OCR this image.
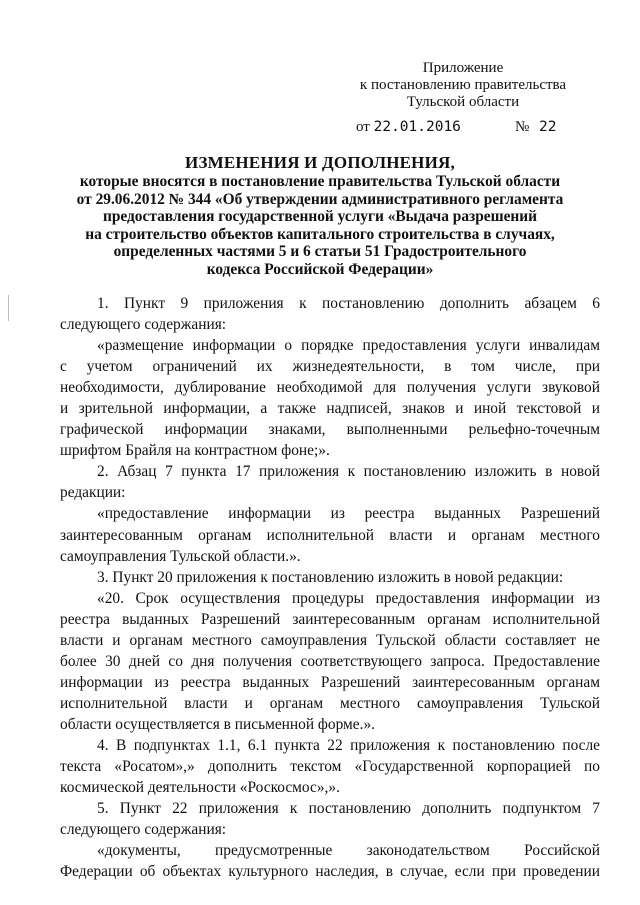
Приложение
к постановлению правительства
Тульской области
от 22.01.2016	№ 22
ИЗМЕНЕНИЯ И ДОПОЛНЕНИЯ,
которые вносятся в постановление правительства Тульской области
от 29.06.2012 № 344 «Об утверждении административного регламента
предоставления государственной услуги «Выдача разрешений
на строительство объектов капитального строительства в случаях,
определенных частями 5 и 6 статьи 51 Градостроительного
кодекса Российской Федерации»

1. Пункт 9 приложения к постановлению дополнить абзацем 6

следующего содержания:

«размещение информации о порядке предоставления услуги инвалидам

с учетом ограничений их жизнедеятельности, в том числе, при

необходимости, дублирование необходимой для получения услуги звуковой

и зрительной информации, а также надписей, знаков и иной текстовой и

графической информации знаками, выполненными рельефно-точечным

шрифтом Брайля на контрастном фоне;».

2. Абзац 7 пункта 17 приложения к постановлению изложить в новой

редакции:

«предоставление информации из реестра выданных Разрешений

заинтересованным органам исполнительной власти и органам местного

самоуправления Тульской области.».

3. Пункт 20 приложения к постановлению изложить в новой редакции:

«20. Срок осуществления процедуры предоставления информации из

реестра выданных Разрешений заинтересованным органам исполнительной

власти и органам местного самоуправления Тульской области составляет не

более 30 дней со дня получения соответствующего запроса. Предоставление

информации из реестра выданных Разрешений заинтересованным органам

исполнительной власти и органам местного самоуправления Тульской

области осуществляется в письменной форме.».

4. В подпунктах 1.1, 6.1 пункта 22 приложения к постановлению после

текста «Росатом»,» дополнить текстом «Государственной корпорацией по

космической деятельности «Роскосмос»,».

5. Пункт 22 приложения к постановлению дополнить подпунктом 7

следующего содержания:

«документы, предусмотренные законодательством Российской

Федерации об объектах культурного наследия, в случае, если при проведении
